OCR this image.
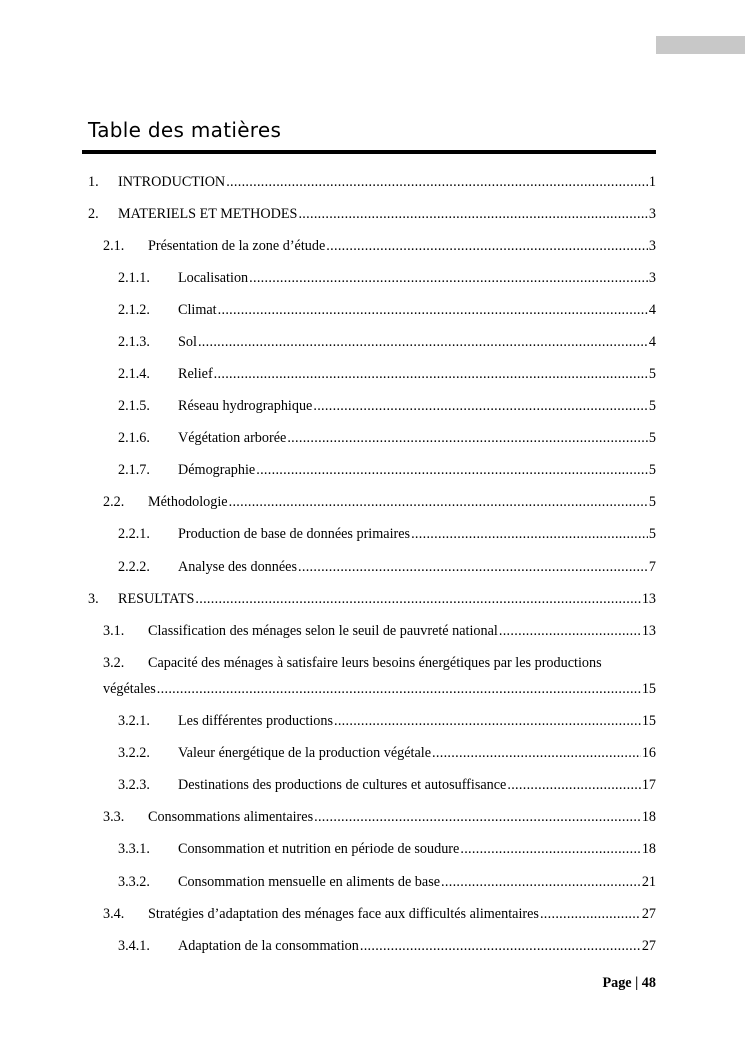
Table des matières
1.	INTRODUCTION .....	1
2.	MATERIELS ET METHODES .....	3
2.1.	Présentation de la zone d’étude .....	3
2.1.1.	Localisation .....	3
2.1.2.	Climat .....	4
2.1.3.	Sol .....	4
2.1.4.	Relief .....	5
2.1.5.	Réseau hydrographique .....	5
2.1.6.	Végétation arborée .....	5
2.1.7.	Démographie .....	5
2.2.	Méthodologie .....	5
2.2.1.	Production de base de données primaires .....	5
2.2.2.	Analyse des données .....	7
3.	RESULTATS .....	13
3.1.	Classification des ménages selon le seuil de pauvreté national .....	13
3.2. Capacité des ménages à satisfaire leurs besoins énergétiques par les productions
végétales .....	15
3.2.1.	Les différentes productions .....	15
3.2.2.	Valeur énergétique de la production végétale .....	16
3.2.3.	Destinations des productions de cultures et autosuffisance .....	17
3.3.	Consommations alimentaires .....	18
3.3.1.	Consommation et nutrition en période de soudure .....	18
3.3.2.	Consommation mensuelle en aliments de base .....	21
3.4.	Stratégies d’adaptation des ménages face aux difficultés alimentaires .....	27
3.4.1.	Adaptation de la consommation .....	27
Page | 48
